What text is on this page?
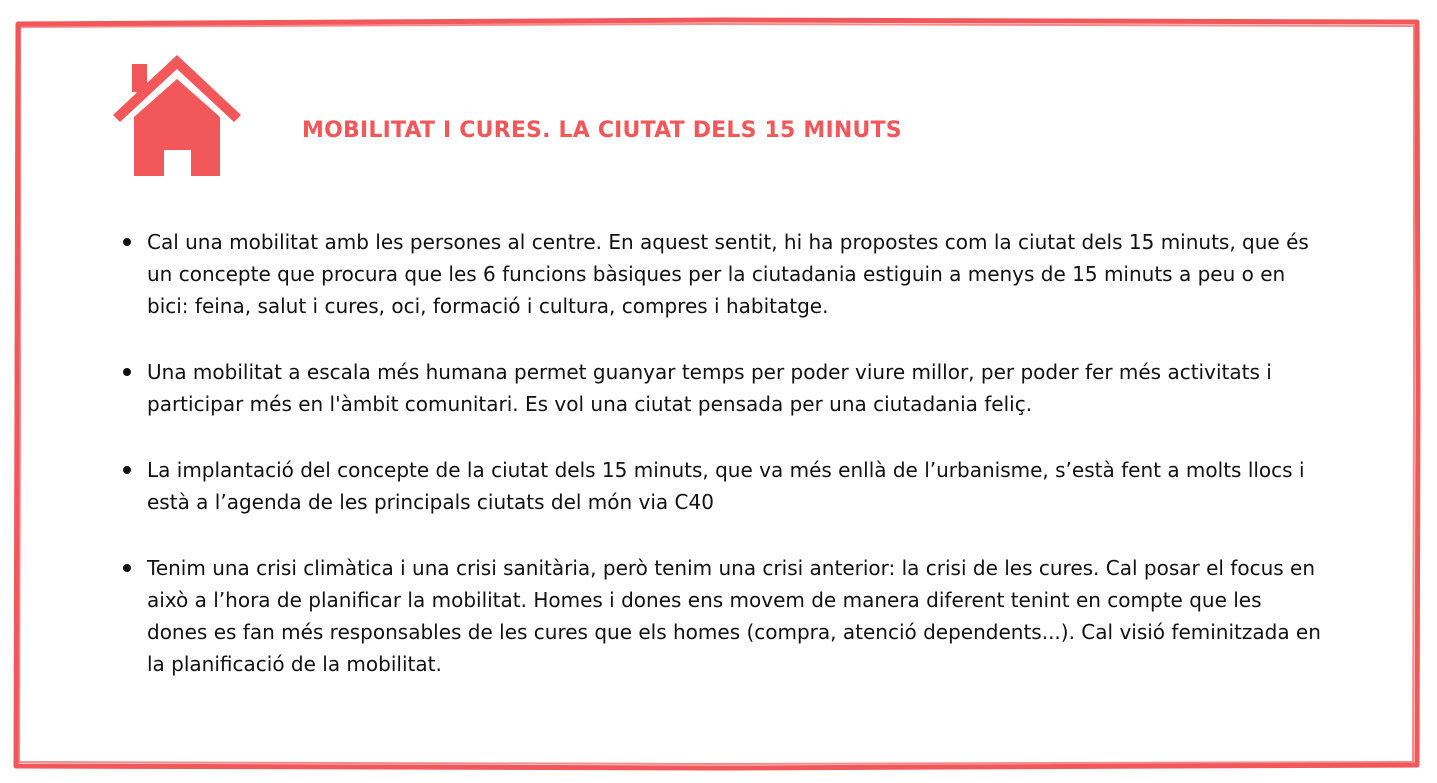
MOBILITAT I CURES. LA CIUTAT DELS 15 MINUTS
Cal una mobilitat amb les persones al centre. En aquest sentit, hi ha propostes com la ciutat dels 15 minuts, que és un concepte que procura que les 6 funcions bàsiques per la ciutadania estiguin a menys de 15 minuts a peu o en bici: feina, salut i cures, oci, formació i cultura, compres i habitatge.
Una mobilitat a escala més humana permet guanyar temps per poder viure millor, per poder fer més activitats i participar més en l'àmbit comunitari. Es vol una ciutat pensada per una ciutadania feliç.
La implantació del concepte de la ciutat dels 15 minuts, que va més enllà de l’urbanisme, s’està fent a molts llocs i està a l’agenda de les principals ciutats del món via C40
Tenim una crisi climàtica i una crisi sanitària, però tenim una crisi anterior: la crisi de les cures. Cal posar el focus en això a l’hora de planificar la mobilitat. Homes i dones ens movem de manera diferent tenint en compte que les dones es fan més responsables de les cures que els homes (compra, atenció dependents...). Cal visió feminitzada en la planificació de la mobilitat.
